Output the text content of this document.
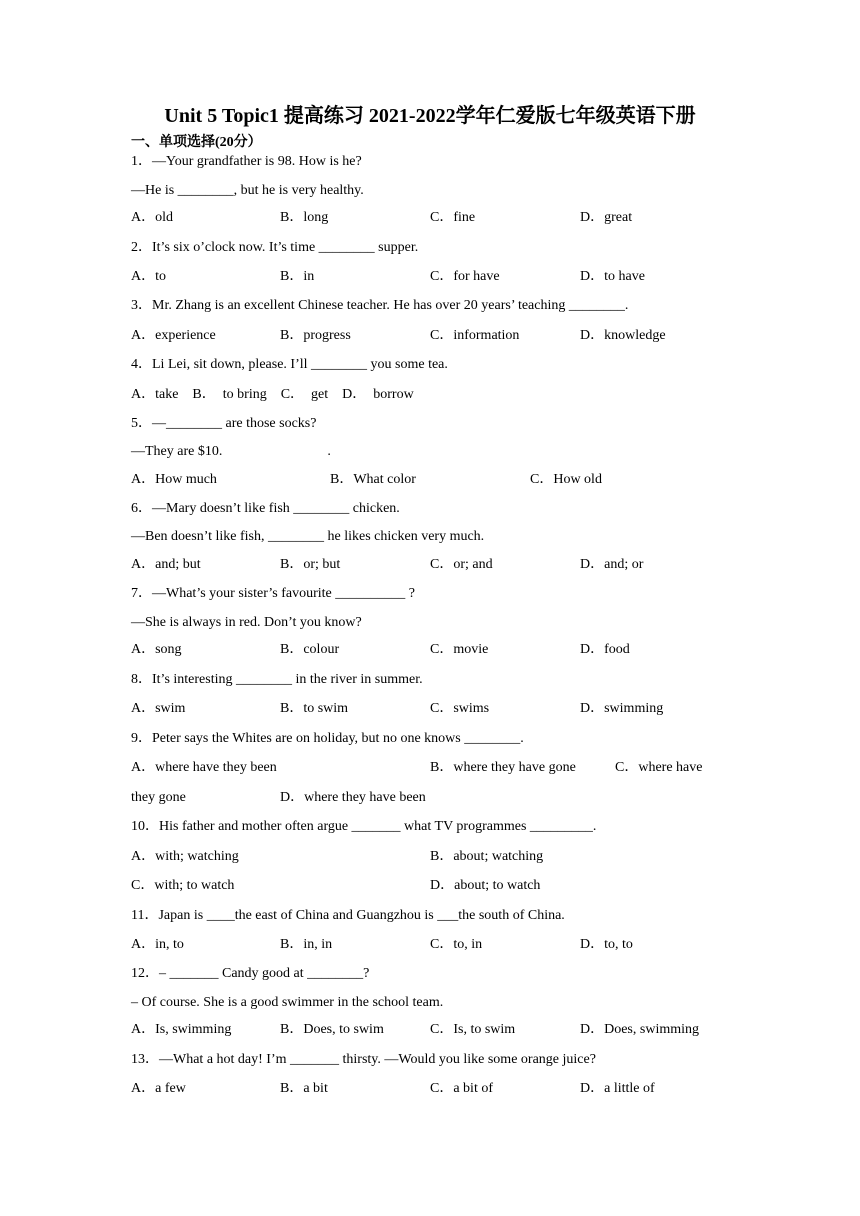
Unit 5 Topic1 提高练习 2021-2022学年仁爱版七年级英语下册
一、单项选择(20分）
1．—Your grandfather is 98. How is he?
—He is ________, but he is very healthy.
A．old	B．long	C．fine	D．great
2．It’s six o’clock now. It’s time ________ supper.
A．to	B．in	C．for have	D．to have
3．Mr. Zhang is an excellent Chinese teacher. He has over 20 years’ teaching ________.
A．experience	B．progress	C．information	D．knowledge
4．Li Lei, sit down, please. I’ll ________ you some tea.
A．take    B．  to bring    C．  get    D．  borrow
5．—________ are those socks?
—They are $10.                              .
A．How much	B．What color	C．How old
6．—Mary doesn’t like fish ________ chicken.
—Ben doesn’t like fish, ________ he likes chicken very much.
A．and; but	B．or; but	C．or; and	D．and; or
7．—What’s your sister’s favourite __________ ?
—She is always in red. Don’t you know?
A．song	B．colour	C．movie	D．food
8．It’s interesting ________ in the river in summer.
A．swim	B．to swim	C．swims	D．swimming
9．Peter says the Whites are on holiday, but no one knows ________.
A．where have they been	B．where they have gone	C．where have
they gone	D．where they have been
10．His father and mother often argue _______ what TV programmes _________.
A．with; watching	B．about; watching
C．with; to watch	D．about; to watch
11．Japan is ____the east of China and Guangzhou is ___the south of China.
A．in, to	B．in, in	C．to, in	D．to, to
12．– _______ Candy good at ________?
– Of course. She is a good swimmer in the school team.
A．Is, swimming	B．Does, to swim	C．Is, to swim	D．Does, swimming
13．—What a hot day! I’m _______ thirsty. —Would you like some orange juice?
A．a few	B．a bit	C．a bit of	D．a little of
